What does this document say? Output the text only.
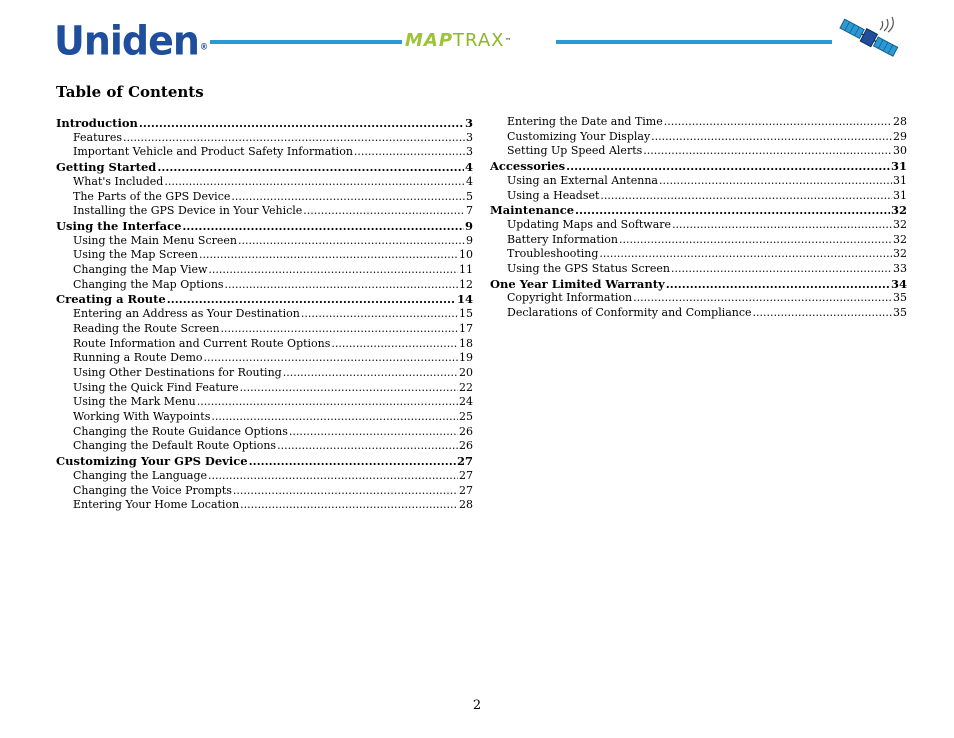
Uniden®	MAPTRAX™
Table of Contents
Introduction .....	3
Features .....	3
Important Vehicle and Product Safety Information .....	3
Getting Started .....	4
What's Included .....	4
The Parts of the GPS Device .....	5
Installing the GPS Device in Your Vehicle .....	7
Using the Interface .....	9
Using the Main Menu Screen .....	9
Using the Map Screen .....	10
Changing the Map View .....	11
Changing the Map Options .....	12
Creating a Route .....	14
Entering an Address as Your Destination .....	15
Reading the Route Screen .....	17
Route Information and Current Route Options .....	18
Running a Route Demo .....	19
Using Other Destinations for Routing .....	20
Using the Quick Find Feature .....	22
Using the Mark Menu .....	24
Working With Waypoints .....	25
Changing the Route Guidance Options .....	26
Changing the Default Route Options .....	26
Customizing Your GPS Device .....	27
Changing the Language .....	27
Changing the Voice Prompts .....	27
Entering Your Home Location .....	28
Entering the Date and Time .....	28
Customizing Your Display .....	29
Setting Up Speed Alerts .....	30
Accessories .....	31
Using an External Antenna .....	31
Using a Headset .....	31
Maintenance .....	32
Updating Maps and Software .....	32
Battery Information .....	32
Troubleshooting .....	32
Using the GPS Status Screen .....	33
One Year Limited Warranty .....	34
Copyright Information .....	35
Declarations of Conformity and Compliance .....	35
2
